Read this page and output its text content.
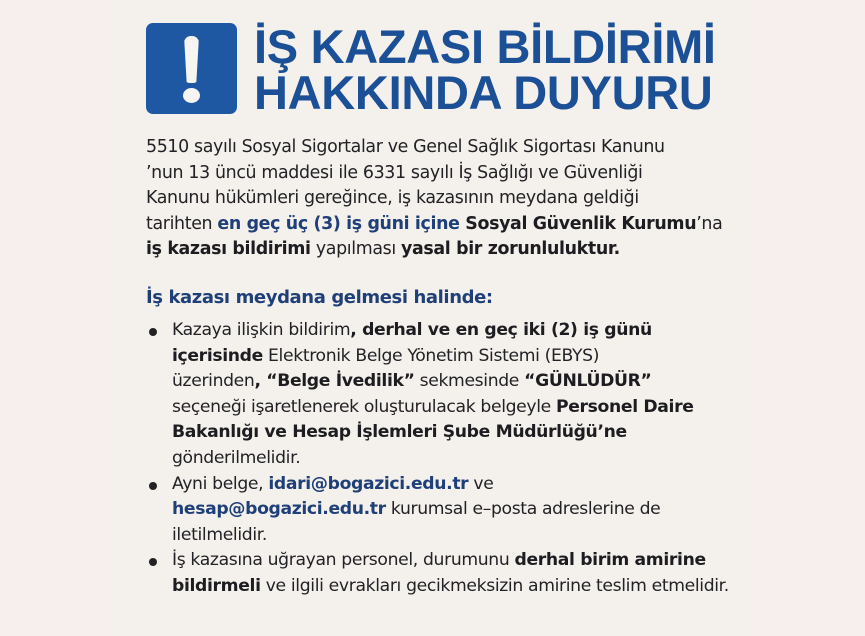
İŞ KAZASI BİLDİRİMİ
HAKKINDA DUYURU
5510 sayılı Sosyal Sigortalar ve Genel Sağlık Sigortası Kanunu
’nun 13 üncü maddesi ile 6331 sayılı İş Sağlığı ve Güvenliği
Kanunu hükümleri gereğince, iş kazasının meydana geldiği
tarihten en geç üç (3) iş güni içine Sosyal Güvenlik Kurumu’na
iş kazası bildirimi yapılması yasal bir zorunluluktur.
İş kazası meydana gelmesi halinde:
Kazaya ilişkin bildirim, derhal ve en geç iki (2) iş günü
içerisinde Elektronik Belge Yönetim Sistemi (EBYS)
üzerinden, “Belge İvedilik” sekmesinde “GÜNLÜDÜR”
seçeneği işaretlenerek oluşturulacak belgeyle Personel Daire
Bakanlığı ve Hesap İşlemleri Şube Müdürlüğü’ne
gönderilmelidir.
Ayni belge, idari@bogazici.edu.tr ve
hesap@bogazici.edu.tr kurumsal e–posta adreslerine de
iletilmelidir.
İş kazasına uğrayan personel, durumunu derhal birim amirine
bildirmeli ve ilgili evrakları gecikmeksizin amirine teslim etmelidir.
